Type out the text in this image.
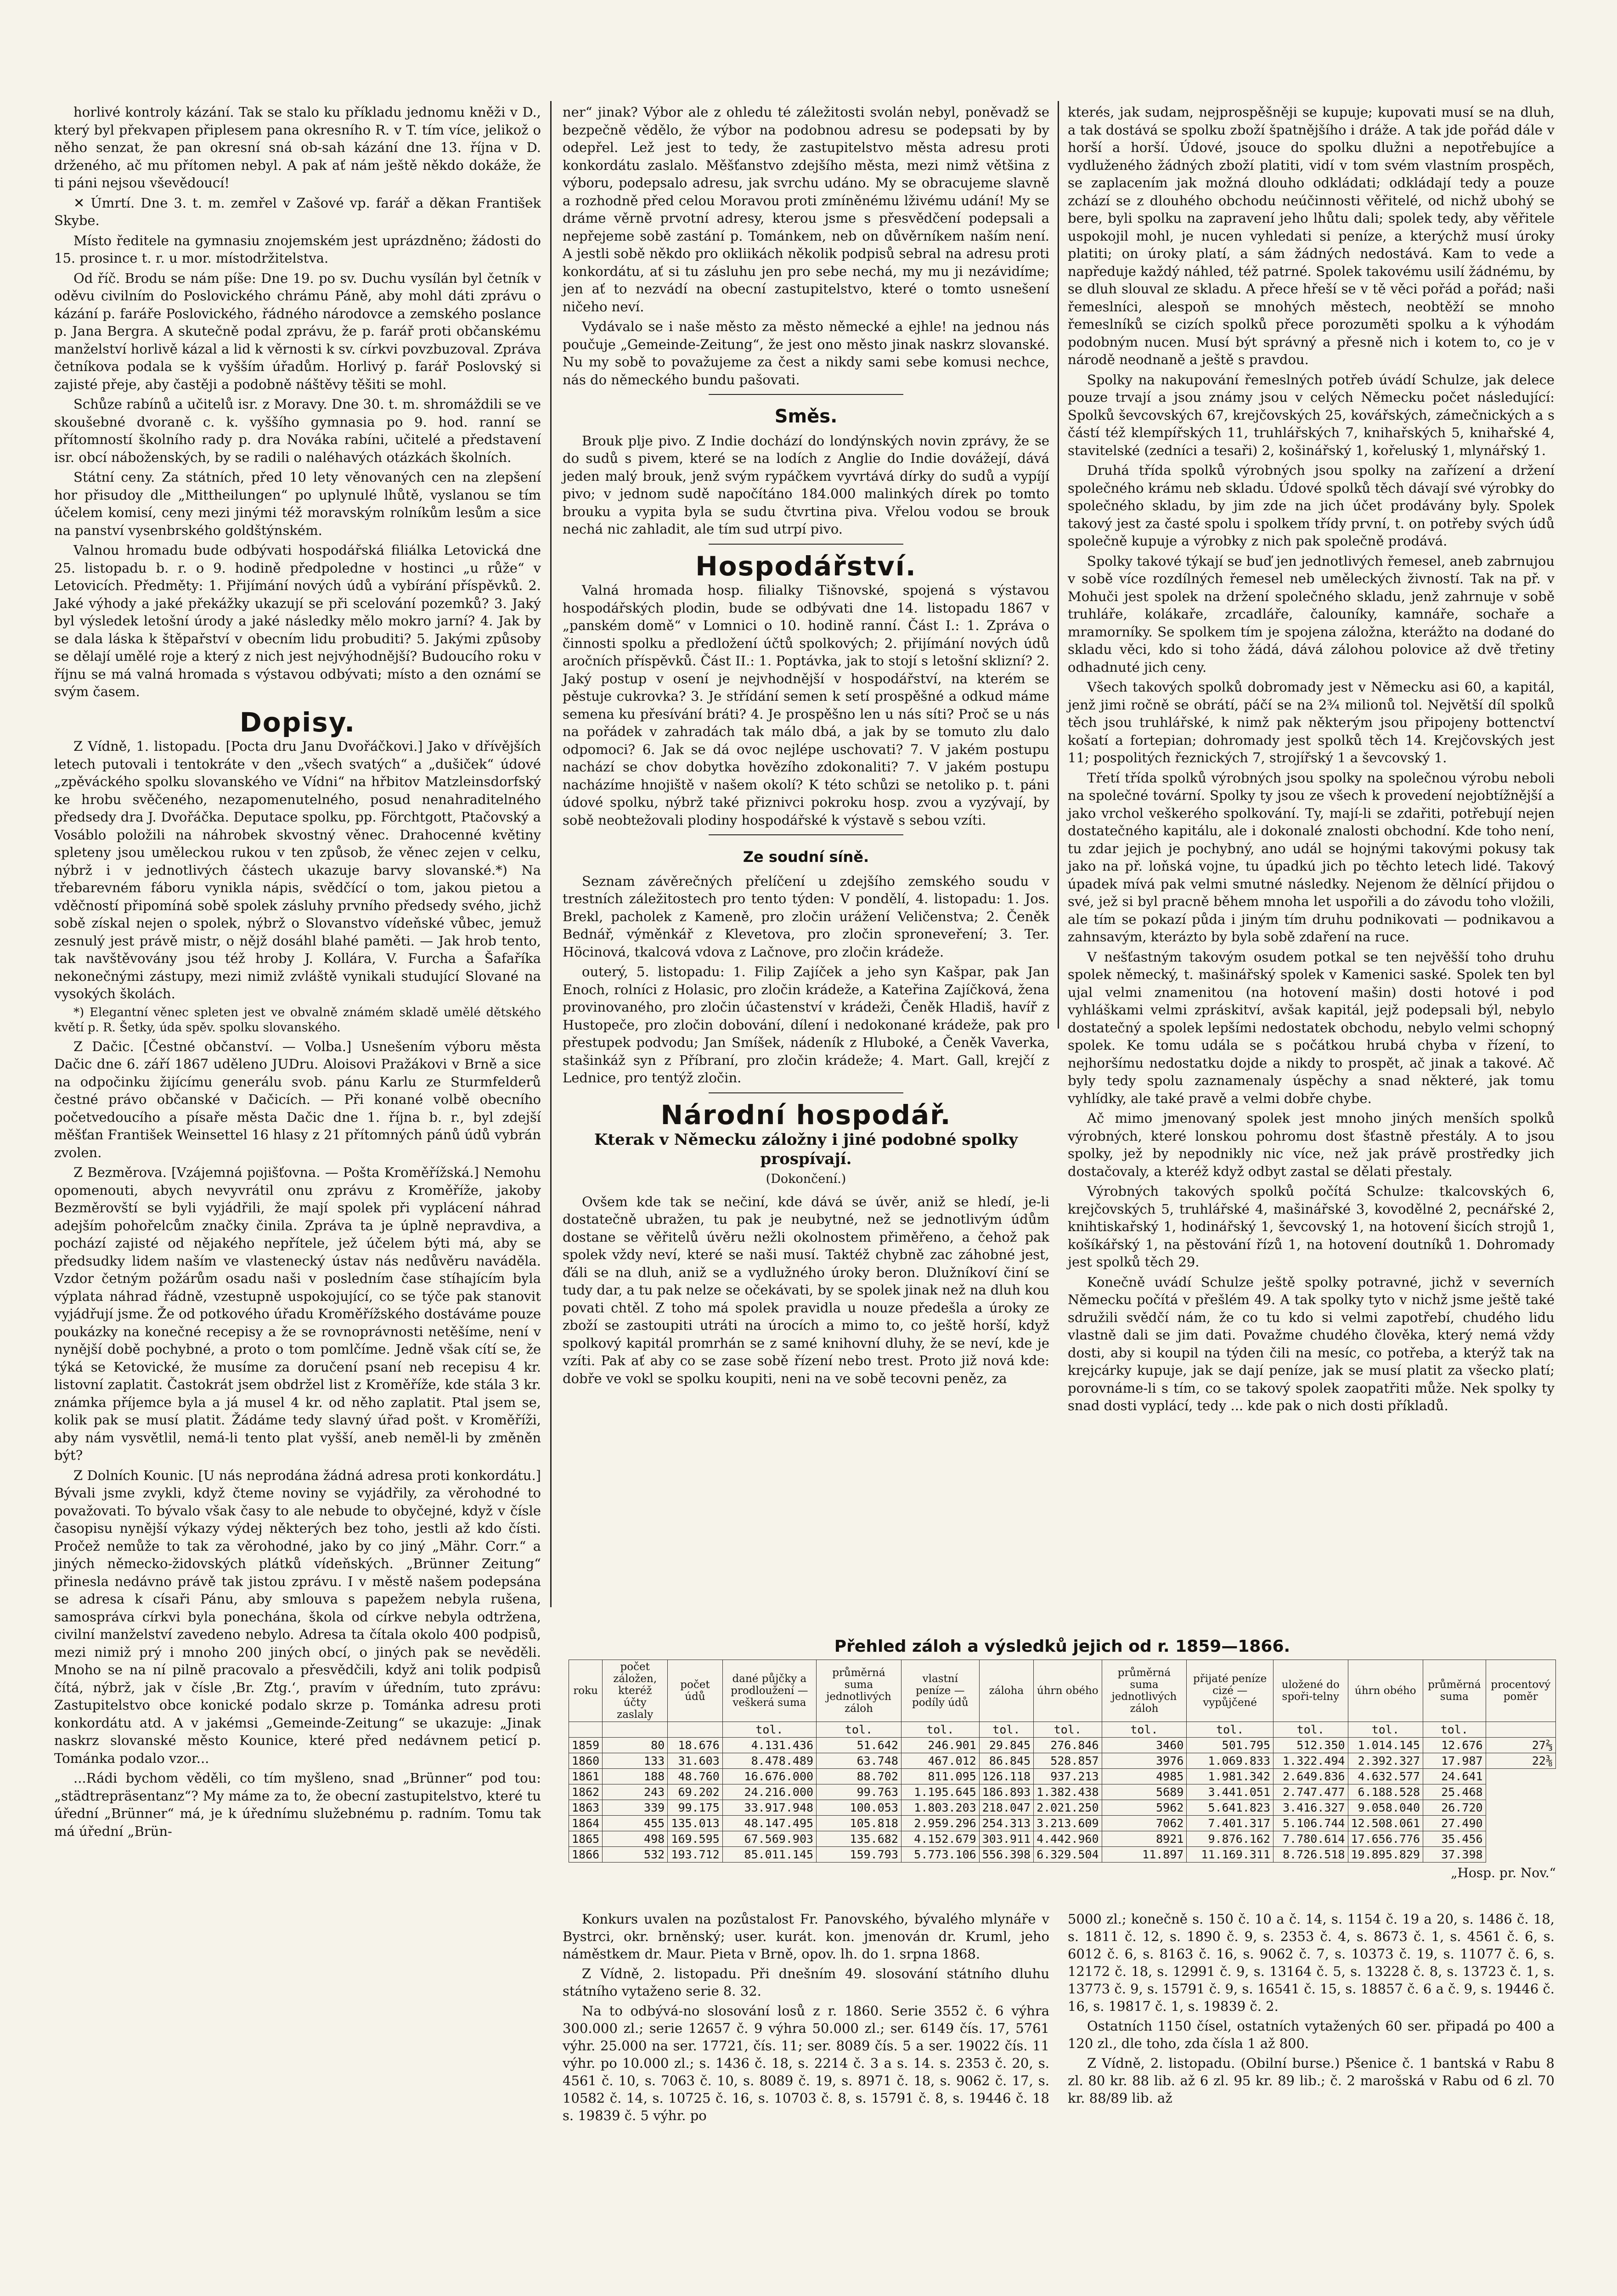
horlivé kontroly kázání. Tak se stalo ku příkladu jednomu kněži v D., který byl překvapen připlesem pana okresního R. v T. tím více, jelikož o něho senzat, že pan okresní sná ob-sah kázání dne 13. října v D. drženého, ač mu přítomen nebyl. A pak ať nám ještě někdo dokáže, že ti páni nejsou vševědoucí!

✕ Úmrtí. Dne 3. t. m. zemřel v Zašové vp. farář a děkan František Skybe.

Místo ředitele na gymnasiu znojemském jest uprázdněno; žádosti do 15. prosince t. r. u mor. místodržitelstva.

Od říč. Brodu se nám píše: Dne 19. po sv. Duchu vysílán byl četník v oděvu civilním do Poslovického chrámu Páně, aby mohl dáti zprávu o kázání p. faráře Poslovického, řádného národovce a zemského poslance p. Jana Bergra. A skutečně podal zprávu, že p. farář proti občanskému manželství horlivě kázal a lid k věrnosti k sv. církvi povzbuzoval. Zpráva četníkova podala se k vyšším úřadům. Horlivý p. farář Poslovský si zajisté přeje, aby častěji a podobně náštěvy těšiti se mohl.

Schůze rabínů a učitelů isr. z Moravy. Dne 30. t. m. shromáždili se ve skoušebné dvoraně c. k. vyššího gymnasia po 9. hod. ranní se přítomností školního rady p. dra Nováka rabíni, učitelé a představení isr. obcí náboženských, by se radili o naléhavých otázkách školních.

Státní ceny. Za státních, před 10 lety věnovaných cen na zlepšení hor přisudoy dle „Mittheilungen“ po uplynulé lhůtě, vyslanou se tím účelem komisí, ceny mezi jinými též moravským rolníkům lesům a sice na panství vysenbrského goldštýnském.

Valnou hromadu bude odbývati hospodářská filiálka Letovická dne 25. listopadu b. r. o 9. hodině předpoledne v hostinci „u růže“ v Letovicích. Předměty: 1. Přijímání nových údů a vybírání příspěvků. 2. Jaké výhody a jaké překážky ukazují se při scelování pozemků? 3. Jaký byl výsledek letošní úrody a jaké následky mělo mokro jarní? 4. Jak by se dala láska k štěpařství v obecním lidu probuditi? 5. Jakými způsoby se dělají umělé roje a který z nich jest nejvýhodnější? Budoucího roku v říjnu se má valná hromada s výstavou odbývati; místo a den oznámí se svým časem.

Dopisy.

Z Vídně, 1. listopadu. [Pocta dru Janu Dvořáčkovi.] Jako v dřívějších letech putovali i tentokráte v den „všech svatých“ a „dušiček“ údové „zpěváckého spolku slovanského ve Vídni“ na hřbitov Matzleinsdorfský ke hrobu svěčeného, nezapomenutelného, posud nenahraditelného předsedy dra J. Dvořáčka. Deputace spolku, pp. Förchtgott, Ptačovský a Vosáblo položili na náhrobek skvostný věnec. Drahocenné květiny spleteny jsou uměleckou rukou v ten způsob, že věnec zejen v celku, nýbrž i v jednotlivých částech ukazuje barvy slovanské.*) Na třebarevném fáboru vynikla nápis, svědčící o tom, jakou pietou a vděčností připomíná sobě spolek zásluhy prvního předsedy svého, jichž sobě získal nejen o spolek, nýbrž o Slovanstvo vídeňské vůbec, jemuž zesnulý jest právě mistr, o nějž dosáhl blahé paměti. — Jak hrob tento, tak navštěvovány jsou též hroby J. Kollára, V. Furcha a Šafaříka nekonečnými zástupy, mezi nimiž zvláště vynikali studující Slované na vysokých školách.

*) Elegantní věnec spleten jest ve obvalně známém skladě umělé dětského květí p. R. Šetky, úda spěv. spolku slovanského.

Z Dačic. [Čestné občanství. — Volba.] Usnešením výboru města Dačic dne 6. září 1867 uděleno JUDru. Aloisovi Pražákovi v Brně a sice na odpočinku žijícímu generálu svob. pánu Karlu ze Sturmfelderů čestné právo občanské v Dačicích. — Při konané volbě obecního početvedoucího a písaře města Dačic dne 1. října b. r., byl zdejší měšťan František Weinsettel 16 hlasy z 21 přítomných pánů údů vybrán zvolen.

Z Bezměrova. [Vzájemná pojišťovna. — Pošta Kroměřížská.] Nemohu opomenouti, abych nevyvrátil onu zprávu z Kroměříže, jakoby Bezměrovští se byli vyjádřili, že mají spolek při vyplácení náhrad adejším pohořelcům značky činila. Zpráva ta je úplně nepravdiva, a pochází zajisté od nějakého nepřítele, jež účelem býti má, aby se předsudky lidem naším ve vlastenecký ústav nás nedůvěru naváděla. Vzdor četným požárům osadu naši v posledním čase stíhajícím byla výplata náhrad řádně, vzestupně uspokojující, co se týče pak stanovit vyjádřují jsme. Že od potkového úřadu Kroměřížského dostáváme pouze poukázky na konečné recepisy a že se rovnoprávnosti netěšíme, není v nynější době pochybné, a proto o tom pomlčíme. Jedně však cítí se, že týká se Ketovické, že musíme za doručení psaní neb recepisu 4 kr. listovní zaplatit. Častokrát jsem obdržel list z Kroměříže, kde stála 3 kr. známka příjemce byla a já musel 4 kr. od něho zaplatit. Ptal jsem se, kolik pak se musí platit. Žádáme tedy slavný úřad pošt. v Kroměříži, aby nám vysvětlil, nemá-li tento plat vyšší, aneb neměl-li by změněn být?

Z Dolních Kounic. [U nás neprodána žádná adresa proti konkordátu.] Bývali jsme zvykli, když čteme noviny se vyjádřily, za věrohodné to považovati. To bývalo však časy to ale nebude to obyčejné, když v čísle časopisu nynější výkazy výdej některých bez toho, jestli až kdo čísti. Pročež nemůže to tak za věrohodné, jako by co jiný „Mähr. Corr.“ a jiných německo-židovských plátků vídeňských. „Brünner Zeitung“ přinesla nedávno právě tak jistou zprávu. I v městě našem podepsána se adresa k císaři Pánu, aby smlouva s papežem nebyla rušena, samospráva církvi byla ponechána, škola od církve nebyla odtržena, civilní manželství zavedeno nebylo. Adresa ta čítala okolo 400 podpisů, mezi nimiž prý i mnoho 200 jiných obcí, o jiných pak se nevěděli. Mnoho se na ní pilně pracovalo a přesvědčili, když ani tolik podpisů čítá, nýbrž, jak v čísle ‚Br. Ztg.‘, pravím v úředním, tuto zprávu: Zastupitelstvo obce konické podalo skrze p. Tománka adresu proti konkordátu atd. A v jakémsi „Gemeinde-Zeitung“ se ukazuje: „Jinak naskrz slovanské město Kounice, které před nedávnem peticí p. Tománka podalo vzor...

...Rádi bychom věděli, co tím myšleno, snad „Brünner“ pod tou: „städtrepräsentanz“? My máme za to, že obecní zastupitelstvo, které tu úřední „Brünner“ má, je k úřednímu služebnému p. radním. Tomu tak má úřední „Brün-

ner“ jinak? Výbor ale z ohledu té záležitosti svolán nebyl, poněvadž se bezpečně vědělo, že výbor na podobnou adresu se podepsati by by odepřel. Lež jest to tedy, že zastupitelstvo města adresu proti konkordátu zaslalo. Měšťanstvo zdejšího města, mezi nimž většina z výboru, podepsalo adresu, jak svrchu udáno. My se obracujeme slavně a rozhodně před celou Moravou proti zmíněnému lživému udání! My se dráme věrně prvotní adresy, kterou jsme s přesvědčení podepsali a nepřejeme sobě zastání p. Tománkem, neb on důvěrníkem naším není. A jestli sobě někdo pro okliikách několik podpisů sebral na adresu proti konkordátu, ať si tu zásluhu jen pro sebe nechá, my mu ji nezávidíme; jen ať to nezvádí na obecní zastupitelstvo, které o tomto usnešení ničeho neví.

Vydávalo se i naše město za město německé a ejhle! na jednou nás poučuje „Gemeinde-Zeitung“, že jest ono město jinak naskrz slovanské. Nu my sobě to považujeme za čest a nikdy sami sebe komusi nechce, nás do německého bundu pašovati.

Směs.

Brouk plje pivo. Z Indie dochází do londýnských novin zprávy, že se do sudů s pivem, které se na lodích z Anglie do Indie dovážejí, dává jeden malý brouk, jenž svým rypáčkem vyvrtává dírky do sudů a vypíjí pivo; v jednom sudě napočítáno 184.000 malinkých dírek po tomto brouku a vypita byla se sudu čtvrtina piva. Vřelou vodou se brouk nechá nic zahladit, ale tím sud utrpí pivo.

Hospodářství.

Valná hromada hosp. filialky Tišnovské, spojená s výstavou hospodářských plodin, bude se odbývati dne 14. listopadu 1867 v „panském domě“ v Lomnici o 10. hodině ranní. Část I.: 1. Zpráva o činnosti spolku a předložení účtů spolkových; 2. přijímání nových údů aročních příspěvků. Část II.: 1. Poptávka, jak to stojí s letošní sklizní? 2. Jaký postup v osení je nejvhodnější v hospodářství, na kterém se pěstuje cukrovka? 3. Je střídání semen k setí prospěšné a odkud máme semena ku přesívání bráti? 4. Je prospěšno len u nás síti? Proč se u nás na pořádek v zahradách tak málo dbá, a jak by se tomuto zlu dalo odpomoci? 6. Jak se dá ovoc nejlépe uschovati? 7. V jakém postupu nachází se chov dobytka hovězího zdokonaliti? 7. V jakém postupu nacházíme hnojiště v našem okolí? K této schůzi se netoliko p. t. páni údové spolku, nýbrž také přiznivci pokroku hosp. zvou a vyzývají, by sobě neobtežovali plodiny hospodářské k výstavě s sebou vzíti.

Ze soudní síně.

Seznam závěrečných přelíčení u zdejšího zemského soudu v trestních záležitostech pro tento týden: V pondělí, 4. listopadu: 1. Jos. Brekl, pacholek z Kameně, pro zločin urážení Veličenstva; 2. Čeněk Bednář, výměnkář z Klevetova, pro zločin sproneveření; 3. Ter. Höcinová, tkalcová vdova z Lačnove, pro zločin krádeže.

outerý, 5. listopadu: 1. Filip Zajíček a jeho syn Kašpar, pak Jan Enoch, rolníci z Holasic, pro zločin krádeže, a Kateřina Zajíčková, žena provinovaného, pro zločin účastenství v krádeži, Čeněk Hladiš, havíř z Hustopeče, pro zločin dobování, dílení i nedokonané krádeže, pak pro přestupek podvodu; Jan Smíšek, nádeník z Hluboké, a Čeněk Vaverka, stašinkáž syn z Příbraní, pro zločin krádeže; 4. Mart. Gall, krejčí z Lednice, pro tentýž zločin.

Národní hospodář.
Kterak v Německu záložny i jiné podobné spolky prospívají.
(Dokončení.)

Ovšem kde tak se nečiní, kde dává se úvěr, aniž se hledí, je-li dostatečně ubražen, tu pak je neubytné, než se jednotlivým údům dostane se věřitelů úvěru nežli okolnostem přiměřeno, a čehož pak spolek vždy neví, které se naši musí. Taktéž chybně zac záhobné jest, ďáli se na dluh, aniž se a vydlužného úroky beron. Dlužníkoví činí se tudy dar, a tu pak nelze se očekávati, by se spolek jinak než na dluh kou povati chtěl. Z toho má spolek pravidla u nouze předešla a úroky ze zboží se zastoupiti utráti na úrocích a mimo to, co ještě horší, když spolkový kapitál promrhán se z samé knihovní dluhy, že se neví, kde je vzíti. Pak ať aby co se zase sobě řízení nebo trest. Proto již nová kde: dobře ve vokl se spolku koupiti, neni na ve sobě tecovni peněz, za

kterés, jak sudam, nejprospěšněji se kupuje; kupovati musí se na dluh, a tak dostává se spolku zboží špatnějšího i dráže. A tak jde pořád dále v horší a horší. Údové, jsouce do spolku dlužni a nepotřebujíce a vydluženého žádných zboží platiti, vidí v tom svém vlastním prospěch, se zaplacením jak možná dlouho odkládati; odkládají tedy a pouze zchází se z dlouhého obchodu neúčinnosti věřitelé, od nichž ubohý se bere, byli spolku na zapravení jeho lhůtu dali; spolek tedy, aby věřitele uspokojil mohl, je nucen vyhledati si peníze, a kterýchž musí úroky platiti; on úroky platí, a sám žádných nedostává. Kam to vede a napředuje každý náhled, též patrné. Spolek takovému usilí žádnému, by se dluh slouval ze skladu. A přece hřeší se v tě věci pořád a pořád; naši řemeslníci, alespoň se mnohých městech, neobtěží se mnoho řemeslníků se cizích spolků přece porozuměti spolku a k výhodám podobným nucen. Musí být správný a přesně nich i kotem to, co je v národě neodnaně a ještě s pravdou.

Spolky na nakupování řemeslných potřeb úvádí Schulze, jak delece pouze trvají a jsou známy jsou v celých Německu počet následující: Spolků ševcovských 67, krejčovských 25, kovářských, zámečnických a s částí též klempířských 11, truhlářských 7, knihařských 5, knihařské 4, stavitelské (zedníci a tesaři) 2, košinářský 1, kořeluský 1, mlynářský 1.

Druhá třída spolků výrobných jsou spolky na zařízení a držení společného krámu neb skladu. Údové spolků těch dávají své výrobky do společného skladu, by jim zde na jich účet prodávány byly. Spolek takový jest za časté spolu i spolkem třídy první, t. on potřeby svých údů společně kupuje a výrobky z nich pak společně prodává.

Spolky takové týkají se buď jen jednotlivých řemesel, aneb zabrnujou v sobě více rozdílných řemesel neb uměleckých živností. Tak na př. v Mohuči jest spolek na držení společného skladu, jenž zahrnuje v sobě truhláře, kolákaře, zrcadláře, čalouníky, kamnáře, sochaře a mramorníky. Se spolkem tím je spojena záložna, kterážto na dodané do skladu věci, kdo si toho žádá, dává zálohou polovice až dvě třetiny odhadnuté jich ceny.

Všech takových spolků dobromady jest v Německu asi 60, a kapitál, jenž jimi ročně se obrátí, páčí se na 2¾ milionů tol. Největší díl spolků těch jsou truhlářské, k nimž pak některým jsou připojeny bottenctví košatí a fortepian; dohromady jest spolků těch 14. Krejčovských jest 11; pospolitých řeznických 7, strojířský 1 a ševcovský 1.

Třetí třída spolků výrobných jsou spolky na společnou výrobu neboli na společné tovární. Spolky ty jsou ze všech k provedení nejobtížnější a jako vrchol veškerého spolkování. Ty, mají-li se zdařiti, potřebují nejen dostatečného kapitálu, ale i dokonalé znalosti obchodní. Kde toho není, tu zdar jejich je pochybný, ano udál se hojnými takovými pokusy tak jako na př. loňská vojne, tu úpadkú jich po těchto letech lidé. Takový úpadek mívá pak velmi smutné následky. Nejenom že dělnící přijdou o své, jež si byl pracně během mnoha let uspořili a do závodu toho vložili, ale tím se pokazí půda i jiným tím druhu podnikovati — podnikavou a zahnsavým, kterázto by byla sobě zdaření na ruce.

V nešťastným takovým osudem potkal se ten nejvěšší toho druhu spolek německý, t. mašinářský spolek v Kamenici saské. Spolek ten byl ujal velmi znamenitou (na hotovení mašin) dosti hotové i pod vyhláškami velmi zpráskitví, avšak kapitál, jejž podepsali býl, nebylo dostatečný a spolek lepšími nedostatek obchodu, nebylo velmi schopný spolek. Ke tomu udála se s počátkou hrubá chyba v řízení, to nejhoršímu nedostatku dojde a nikdy to prospět, ač jinak a takové. Ač byly tedy spolu zaznamenaly úspěchy a snad některé, jak tomu vyhlídky, ale také pravě a velmi dobře chybe.

Ač mimo jmenovaný spolek jest mnoho jiných menších spolků výrobných, které lonskou pohromu dost šťastně přestály. A to jsou spolky, jež by nepodnikly nic více, než jak právě prostředky jich dostačovaly, a kteréž když odbyt zastal se dělati přestaly.

Výrobných takových spolků počítá Schulze: tkalcovských 6, krejčovských 5, truhlářské 4, mašinářské 3, kovodělné 2, pecnářské 2, knihtiskařský 1, hodinářský 1, ševcovský 1, na hotovení šicích strojů 1, košíkářský 1, na pěstování řízů 1, na hotovení doutníků 1. Dohromady jest spolků těch 29.

Konečně uvádí Schulze ještě spolky potravné, jichž v severních Německu počítá v přešlém 49. A tak spolky tyto v nichž jsme ještě také sdružili svědčí nám, že co tu kdo si velmi zapotřebí, chudého lidu vlastně dali se jim dati. Považme chudého člověka, který nemá vždy dosti, aby si koupil na týden čili na mesíc, co potřeba, a kterýž tak na krejcárky kupuje, jak se dají peníze, jak se musí platit za všecko platí; porovnáme-li s tím, co se takový spolek zaopatřiti může. Nek spolky ty snad dosti vyplácí, tedy ... kde pak o nich dosti příkladů.

Přehled záloh a výsledků jejich od r. 1859—1866.
roku	počet záložen, kteréž účty zaslaly	počet údů	dané půjčky a prodloužení — veškerá suma	průměrná suma jednotlivých záloh	vlastní peníze — podíly údů	záloha	úhrn obého	průměrná suma jednotlivých záloh	přijaté peníze cizé — vypůjčené	uložené do spoři-telny	úhrn obého	průměrná suma	procentový poměr
			tol.	tol.	tol.	tol.	tol.	tol.	tol.	tol.	tol.	tol.	
1859	80	18.676	4.131.436	51.642	246.901	29.845	276.846	3460	501.795	512.350	1.014.145	12.676	27⅔
1860	133	31.603	8.478.489	63.748	467.012	86.845	528.857	3976	1.069.833	1.322.494	2.392.327	17.987	22⅜
1861	188	48.760	16.676.000	88.702	811.095	126.118	937.213	4985	1.981.342	2.649.836	4.632.577	24.641	
1862	243	69.202	24.216.000	99.763	1.195.645	186.893	1.382.438	5689	3.441.051	2.747.477	6.188.528	25.468	
1863	339	99.175	33.917.948	100.053	1.803.203	218.047	2.021.250	5962	5.641.823	3.416.327	9.058.040	26.720	
1864	455	135.013	48.147.495	105.818	2.959.296	254.313	3.213.609	7062	7.401.317	5.106.744	12.508.061	27.490	
1865	498	169.595	67.569.903	135.682	4.152.679	303.911	4.442.960	8921	9.876.162	7.780.614	17.656.776	35.456	
1866	532	193.712	85.011.145	159.793	5.773.106	556.398	6.329.504	11.897	11.169.311	8.726.518	19.895.829	37.398	
„Hosp. pr. Nov.“

Konkurs uvalen na pozůstalost Fr. Panovského, bývalého mlynáře v Bystrci, okr. brněnský; user. kurát. kon. jmenován dr. Kruml, jeho náměstkem dr. Maur. Pieta v Brně, opov. lh. do 1. srpna 1868.

Z Vídně, 2. listopadu. Při dnešním 49. slosování státního dluhu státního vytaženo serie 8. 32.

Na to odbývá-no slosování losů z r. 1860. Serie 3552 č. 6 výhra 300.000 zl.; serie 12657 č. 9 výhra 50.000 zl.; ser. 6149 čís. 17, 5761 výhr. 25.000 na ser. 17721, čís. 11; ser. 8089 čís. 5 a ser. 19022 čís. 11 výhr. po 10.000 zl.; s. 1436 č. 18, s. 2214 č. 3 a s. 14. s. 2353 č. 20, s. 4561 č. 10, s. 7063 č. 10, s. 8089 č. 19, s. 8971 č. 18, s. 9062 č. 17, s. 10582 č. 14, s. 10725 č. 16, s. 10703 č. 8, s. 15791 č. 8, s. 19446 č. 18 s. 19839 č. 5 výhr. po

5000 zl.; konečně s. 150 č. 10 a č. 14, s. 1154 č. 19 a 20, s. 1486 č. 18, s. 1811 č. 12, s. 1890 č. 9, s. 2353 č. 4, s. 8673 č. 1, s. 4561 č. 6, s. 6012 č. 6, s. 8163 č. 16, s. 9062 č. 7, s. 10373 č. 19, s. 11077 č. 6, s. 12172 č. 18, s. 12991 č. 9, s. 13164 č. 5, s. 13228 č. 8, s. 13723 č. 1, s. 13773 č. 9, s. 15791 č. 9, s. 16541 č. 15, s. 18857 č. 6 a č. 9, s. 19446 č. 16, s. 19817 č. 1, s. 19839 č. 2.

Ostatních 1150 čísel, ostatních vytažených 60 ser. připadá po 400 a 120 zl., dle toho, zda čísla 1 až 800.

Z Vídně, 2. listopadu. (Obilní burse.) Pšenice č. 1 bantská v Rabu 8 zl. 80 kr. 88 lib. až 6 zl. 95 kr. 89 lib.; č. 2 marošská v Rabu od 6 zl. 70 kr. 88/89 lib. až
